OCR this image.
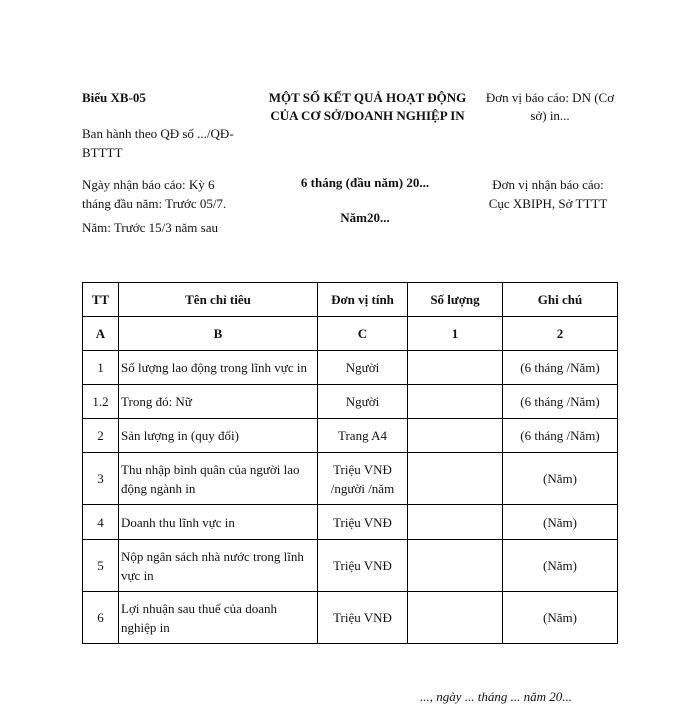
Biểu XB-05
Ban hành theo QĐ số .../QĐ-
BTTTT
MỘT SỐ KẾT QUẢ HOẠT ĐỘNG
CỦA CƠ SỞ/DOANH NGHIỆP IN
Đơn vị báo cáo: DN (Cơ
sở) in...
Ngày nhận báo cáo: Kỳ 6
tháng đầu năm: Trước 05/7.
Năm: Trước 15/3 năm sau
6 tháng (đầu năm) 20...
Năm20...
Đơn vị nhận báo cáo:
Cục XBIPH, Sở TTTT
TT	Tên chỉ tiêu	Đơn vị tính	Số lượng	Ghi chú
A	B	C	1	2
1	Số lượng lao động trong lĩnh vực in	Người		(6 tháng /Năm)
1.2	Trong đó: Nữ	Người		(6 tháng /Năm)
2	Sản lượng in (quy đổi)	Trang A4		(6 tháng /Năm)
3	Thu nhập bình quân của người lao động ngành in	Triệu VNĐ
/người /năm		(Năm)
4	Doanh thu lĩnh vực in	Triệu VNĐ		(Năm)
5	Nộp ngân sách nhà nước trong lĩnh vực in	Triệu VNĐ		(Năm)
6	Lợi nhuận sau thuế của doanh nghiệp in	Triệu VNĐ		(Năm)
..., ngày ... tháng ... năm 20...
